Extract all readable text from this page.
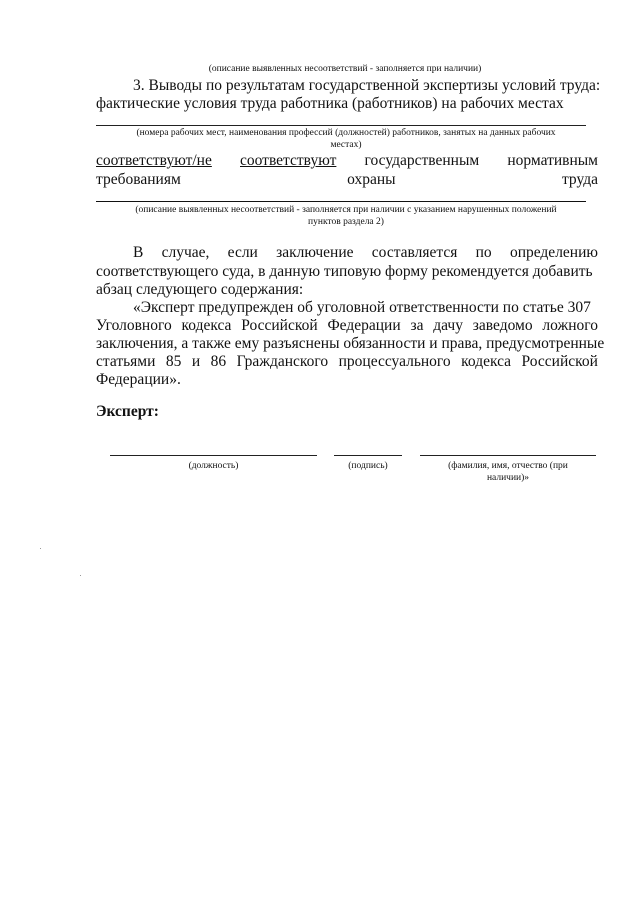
(описание выявленных несоответствий - заполняется при наличии)
3. Выводы по результатам государственной экспертизы условий труда:
фактические условия труда работника (работников) на рабочих местах
(номера рабочих мест, наименования профессий (должностей) работников, занятых на данных рабочих
местах)
соответствуют/не соответствуют государственным нормативным
требованиям	охраны	труда
(описание выявленных несоответствий - заполняется при наличии с указанием нарушенных положений
пунктов раздела 2)
В случае, если заключение составляется по определению
соответствующего суда, в данную типовую форму рекомендуется добавить
абзац следующего содержания:
«Эксперт предупрежден об уголовной ответственности по статье 307
Уголовного кодекса Российской Федерации за дачу заведомо ложного
заключения, а также ему разъяснены обязанности и права, предусмотренные
статьями 85 и 86 Гражданского процессуального кодекса Российской
Федерации».
Эксперт:
(должность)	(подпись)	(фамилия, имя, отчество (при
наличии)»
